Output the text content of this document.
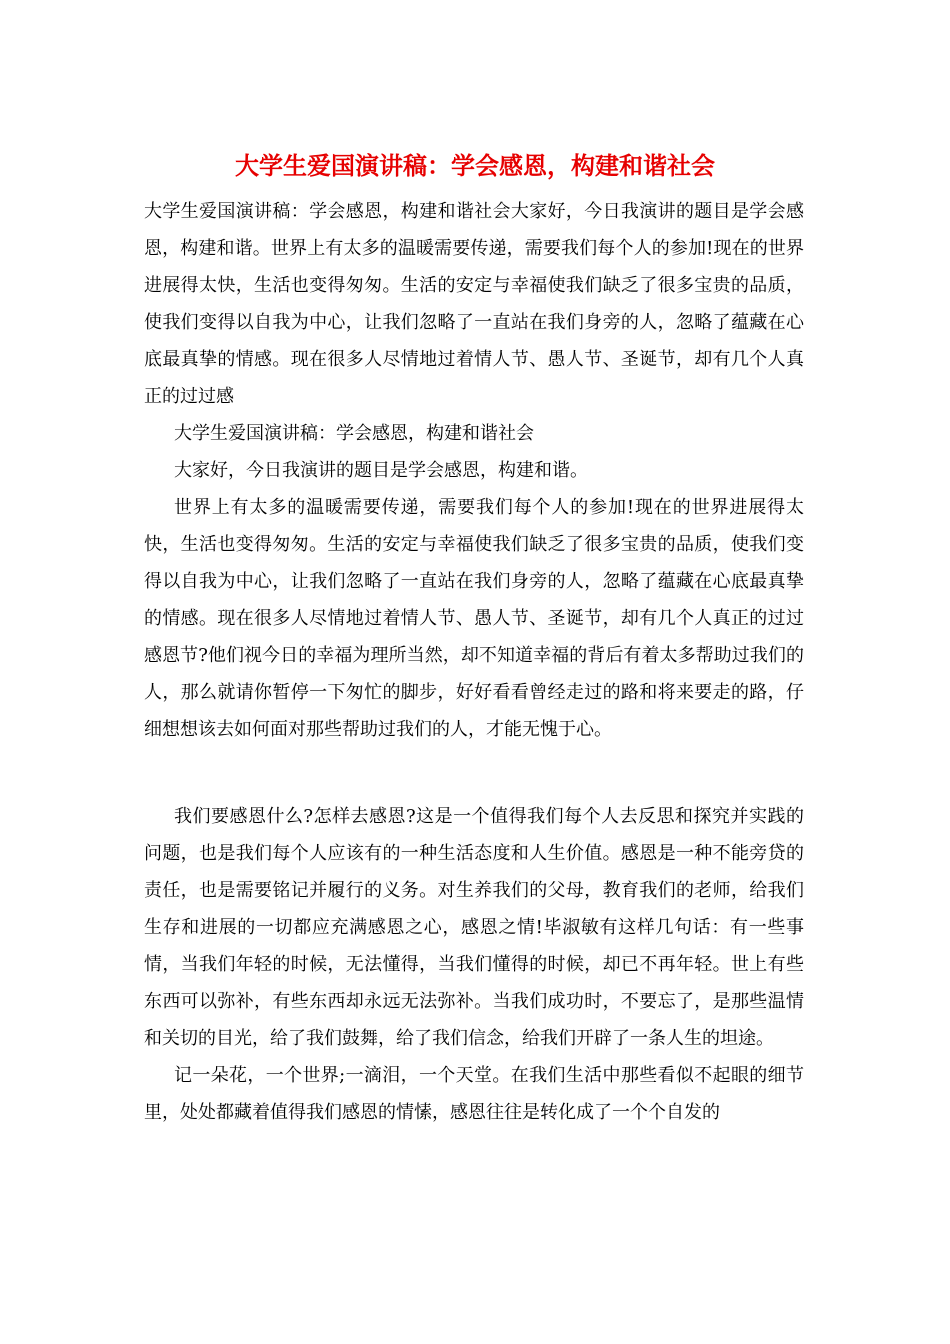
大学生爱国演讲稿：学会感恩，构建和谐社会

大学生爱国演讲稿：学会感恩，构建和谐社会大家好，今日我演讲的题目是学会感恩，构建和谐。世界上有太多的温暖需要传递，需要我们每个人的参加!现在的世界进展得太快，生活也变得匆匆。生活的安定与幸福使我们缺乏了很多宝贵的品质，使我们变得以自我为中心，让我们忽略了一直站在我们身旁的人，忽略了蕴藏在心底最真挚的情感。现在很多人尽情地过着情人节、愚人节、圣诞节，却有几个人真正的过过感

大学生爱国演讲稿：学会感恩，构建和谐社会

大家好，今日我演讲的题目是学会感恩，构建和谐。

世界上有太多的温暖需要传递，需要我们每个人的参加!现在的世界进展得太快，生活也变得匆匆。生活的安定与幸福使我们缺乏了很多宝贵的品质，使我们变得以自我为中心，让我们忽略了一直站在我们身旁的人，忽略了蕴藏在心底最真挚的情感。现在很多人尽情地过着情人节、愚人节、圣诞节，却有几个人真正的过过感恩节?他们视今日的幸福为理所当然，却不知道幸福的背后有着太多帮助过我们的人，那么就请你暂停一下匆忙的脚步，好好看看曾经走过的路和将来要走的路，仔细想想该去如何面对那些帮助过我们的人，才能无愧于心。

我们要感恩什么?怎样去感恩?这是一个值得我们每个人去反思和探究并实践的问题，也是我们每个人应该有的一种生活态度和人生价值。感恩是一种不能旁贷的责任，也是需要铭记并履行的义务。对生养我们的父母，教育我们的老师，给我们生存和进展的一切都应充满感恩之心，感恩之情!毕淑敏有这样几句话：有一些事情，当我们年轻的时候，无法懂得，当我们懂得的时候，却已不再年轻。世上有些东西可以弥补，有些东西却永远无法弥补。当我们成功时，不要忘了，是那些温情和关切的目光，给了我们鼓舞，给了我们信念，给我们开辟了一条人生的坦途。

记一朵花，一个世界;一滴泪，一个天堂。在我们生活中那些看似不起眼的细节里，处处都藏着值得我们感恩的情愫，感恩往往是转化成了一个个自发的
